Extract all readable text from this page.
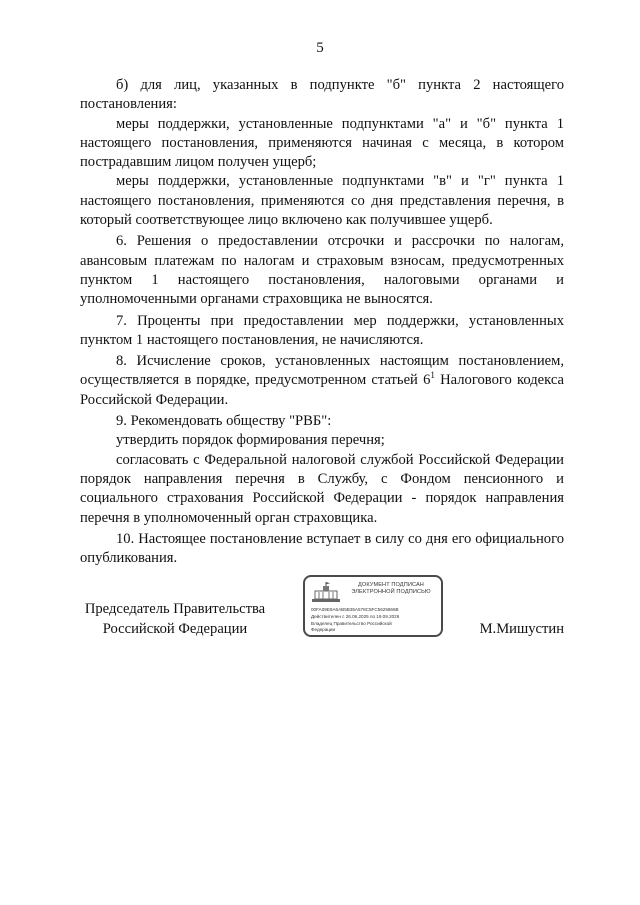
5

б) для лиц, указанных в подпункте "б" пункта 2 настоящего постановления:

меры поддержки, установленные подпунктами "а" и "б" пункта 1 настоящего постановления, применяются начиная с месяца, в котором пострадавшим лицом получен ущерб;

меры поддержки, установленные подпунктами "в" и "г" пункта 1 настоящего постановления, применяются со дня представления перечня, в который соответствующее лицо включено как получившее ущерб.

6. Решения о предоставлении отсрочки и рассрочки по налогам, авансовым платежам по налогам и страховым взносам, предусмотренных пунктом 1 настоящего постановления, налоговыми органами и уполномоченными органами страховщика не выносятся.

7. Проценты при предоставлении мер поддержки, установленных пунктом 1 настоящего постановления, не начисляются.

8. Исчисление сроков, установленных настоящим постановлением, осуществляется в порядке, предусмотренном статьей $6^1$ Налогового кодекса Российской Федерации.

9. Рекомендовать обществу "РВБ":

утвердить порядок формирования перечня;

согласовать с Федеральной налоговой службой Российской Федерации порядок направления перечня в Службу, с Фондом пенсионного и социального страхования Российской Федерации - порядок направления перечня в уполномоченный орган страховщика.

10. Настоящее постановление вступает в силу со дня его официального опубликования.

Председатель Правительства
Российской Федерации
ДОКУМЕНТ ПОДПИСАН
ЭЛЕКТРОННОЙ ПОДПИСЬЮ
00FA09E9A6AB5B35A578C5FC5625866B
Действителен с 26.06.2025 по 19.09.2026
Владелец Правительство Российской
Федерации	М.Мишустин
